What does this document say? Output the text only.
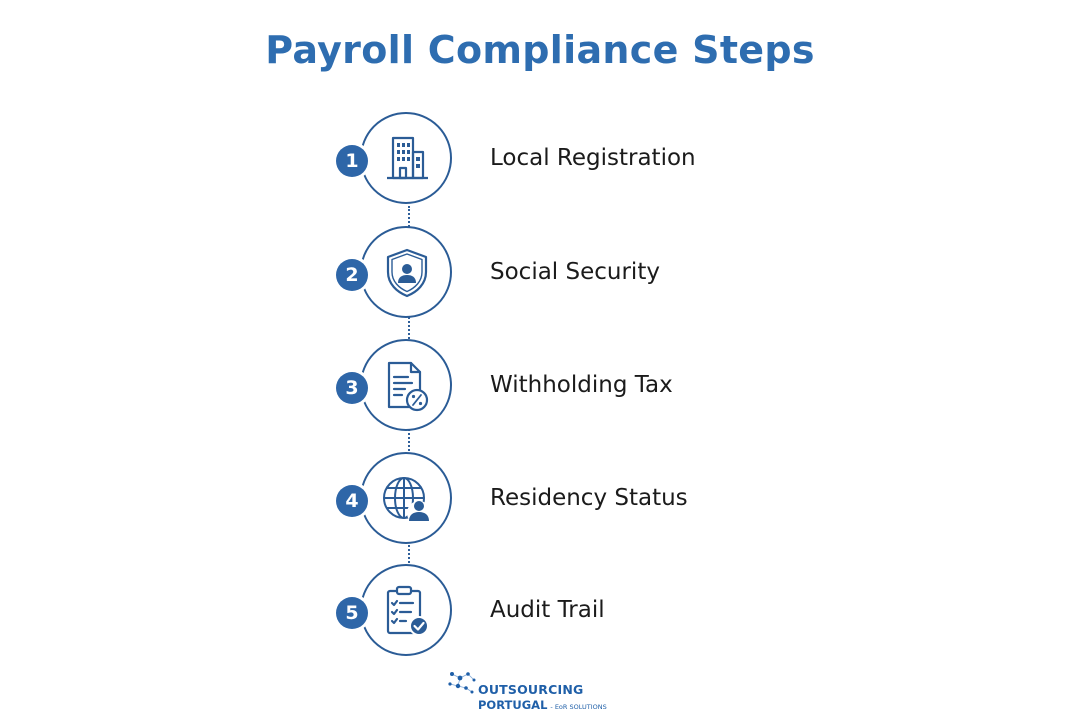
Payroll Compliance Steps
1	Local Registration
2	Social Security
3	Withholding Tax
4	Residency Status
5	Audit Trail
OUTSOURCING
PORTUGAL - EoR SOLUTIONS
